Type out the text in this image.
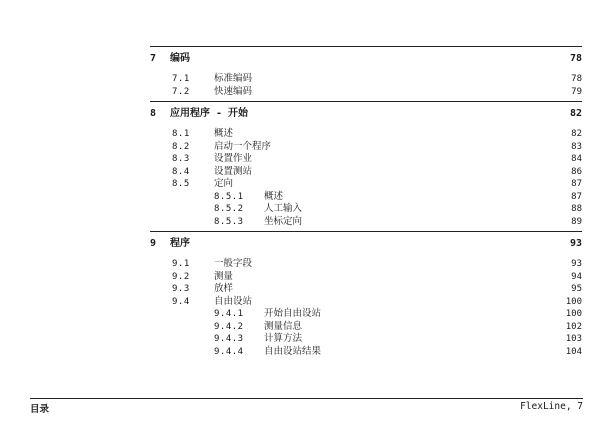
7 编码	78
7.1	标准编码	78
7.2	快速编码	79
8 应用程序 - 开始	82
8.1	概述	82
8.2	启动一个程序	83
8.3	设置作业	84
8.4	设置测站	86
8.5	定向	87
8.5.1	概述	87
8.5.2	人工输入	88
8.5.3	坐标定向	89
9 程序	93
9.1	一般字段	93
9.2	测量	94
9.3	放样	95
9.4	自由设站	100
9.4.1	开始自由设站	100
9.4.2	测量信息	102
9.4.3	计算方法	103
9.4.4	自由设站结果	104
目录	FlexLine, 7
